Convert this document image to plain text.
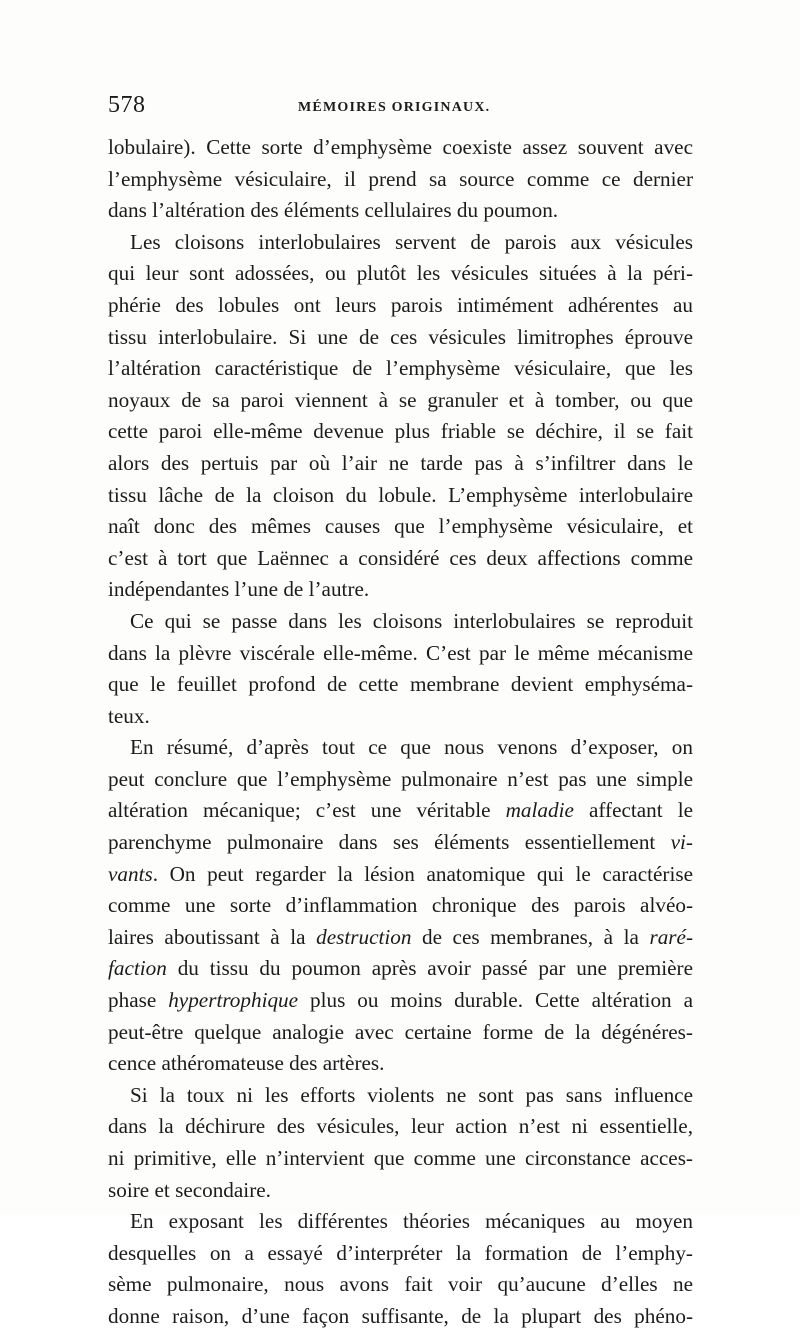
578	MÉMOIRES ORIGINAUX.
lobulaire). Cette sorte d’emphysème coexiste assez souvent avec
l’emphysème vésiculaire, il prend sa source comme ce dernier
dans l’altération des éléments cellulaires du poumon.
Les cloisons interlobulaires servent de parois aux vésicules
qui leur sont adossées, ou plutôt les vésicules situées à la péri-
phérie des lobules ont leurs parois intimément adhérentes au
tissu interlobulaire. Si une de ces vésicules limitrophes éprouve
l’altération caractéristique de l’emphysème vésiculaire, que les
noyaux de sa paroi viennent à se granuler et à tomber, ou que
cette paroi elle-même devenue plus friable se déchire, il se fait
alors des pertuis par où l’air ne tarde pas à s’infiltrer dans le
tissu lâche de la cloison du lobule. L’emphysème interlobulaire
naît donc des mêmes causes que l’emphysème vésiculaire, et
c’est à tort que Laënnec a considéré ces deux affections comme
indépendantes l’une de l’autre.
Ce qui se passe dans les cloisons interlobulaires se reproduit
dans la plèvre viscérale elle-même. C’est par le même mécanisme
que le feuillet profond de cette membrane devient emphyséma-
teux.
En résumé, d’après tout ce que nous venons d’exposer, on
peut conclure que l’emphysème pulmonaire n’est pas une simple
altération mécanique; c’est une véritable maladie affectant le
parenchyme pulmonaire dans ses éléments essentiellement vi-
vants. On peut regarder la lésion anatomique qui le caractérise
comme une sorte d’inflammation chronique des parois alvéo-
laires aboutissant à la destruction de ces membranes, à la raré-
faction du tissu du poumon après avoir passé par une première
phase hypertrophique plus ou moins durable. Cette altération a
peut-être quelque analogie avec certaine forme de la dégénéres-
cence athéromateuse des artères.
Si la toux ni les efforts violents ne sont pas sans influence
dans la déchirure des vésicules, leur action n’est ni essentielle,
ni primitive, elle n’intervient que comme une circonstance acces-
soire et secondaire.
En exposant les différentes théories mécaniques au moyen
desquelles on a essayé d’interpréter la formation de l’emphy-
sème pulmonaire, nous avons fait voir qu’aucune d’elles ne
donne raison, d’une façon suffisante, de la plupart des phéno-
